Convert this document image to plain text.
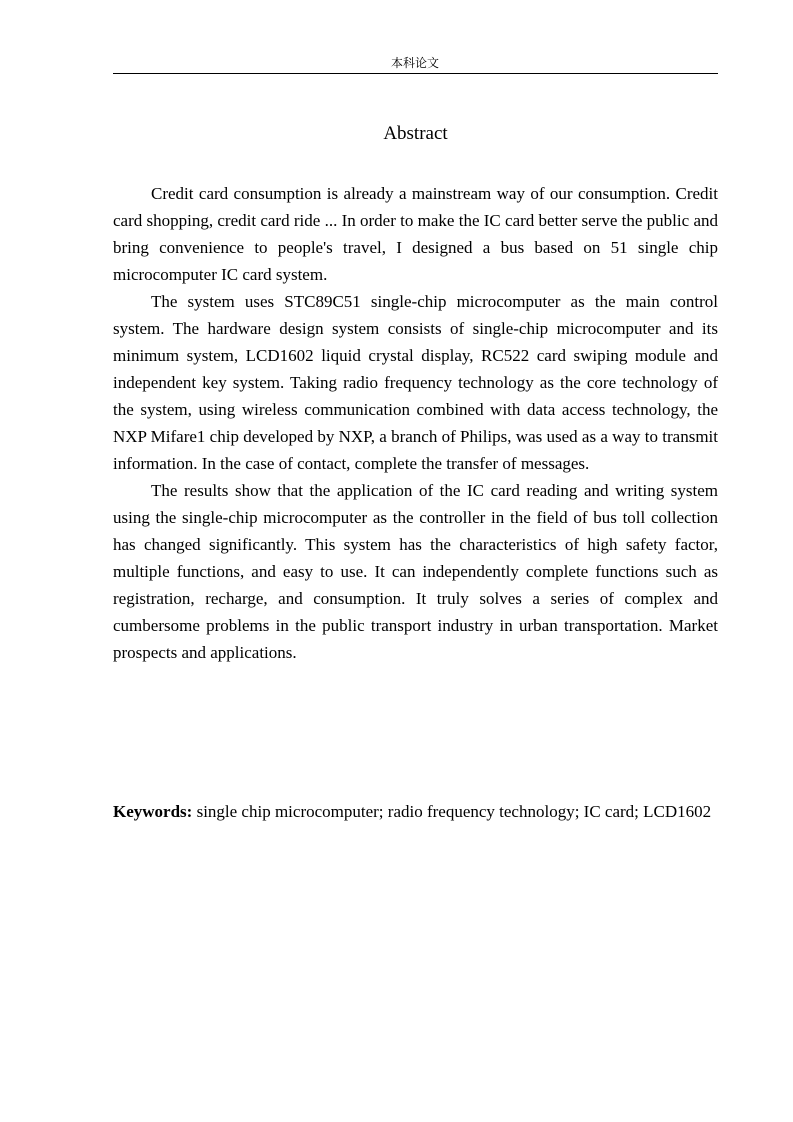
本科论文
Abstract

Credit card consumption is already a mainstream way of our consumption. Credit card shopping, credit card ride ... In order to make the IC card better serve the public and bring convenience to people's travel, I designed a bus based on 51 single chip microcomputer IC card system.

The system uses STC89C51 single-chip microcomputer as the main control system. The hardware design system consists of single-chip microcomputer and its minimum system, LCD1602 liquid crystal display, RC522 card swiping module and independent key system. Taking radio frequency technology as the core technology of the system, using wireless communication combined with data access technology, the NXP Mifare1 chip developed by NXP, a branch of Philips, was used as a way to transmit information. In the case of contact, complete the transfer of messages.

The results show that the application of the IC card reading and writing system using the single-chip microcomputer as the controller in the field of bus toll collection has changed significantly. This system has the characteristics of high safety factor, multiple functions, and easy to use. It can independently complete functions such as registration, recharge, and consumption. It truly solves a series of complex and cumbersome problems in the public transport industry in urban transportation. Market prospects and applications.

Keywords: single chip microcomputer; radio frequency technology; IC card; LCD1602
